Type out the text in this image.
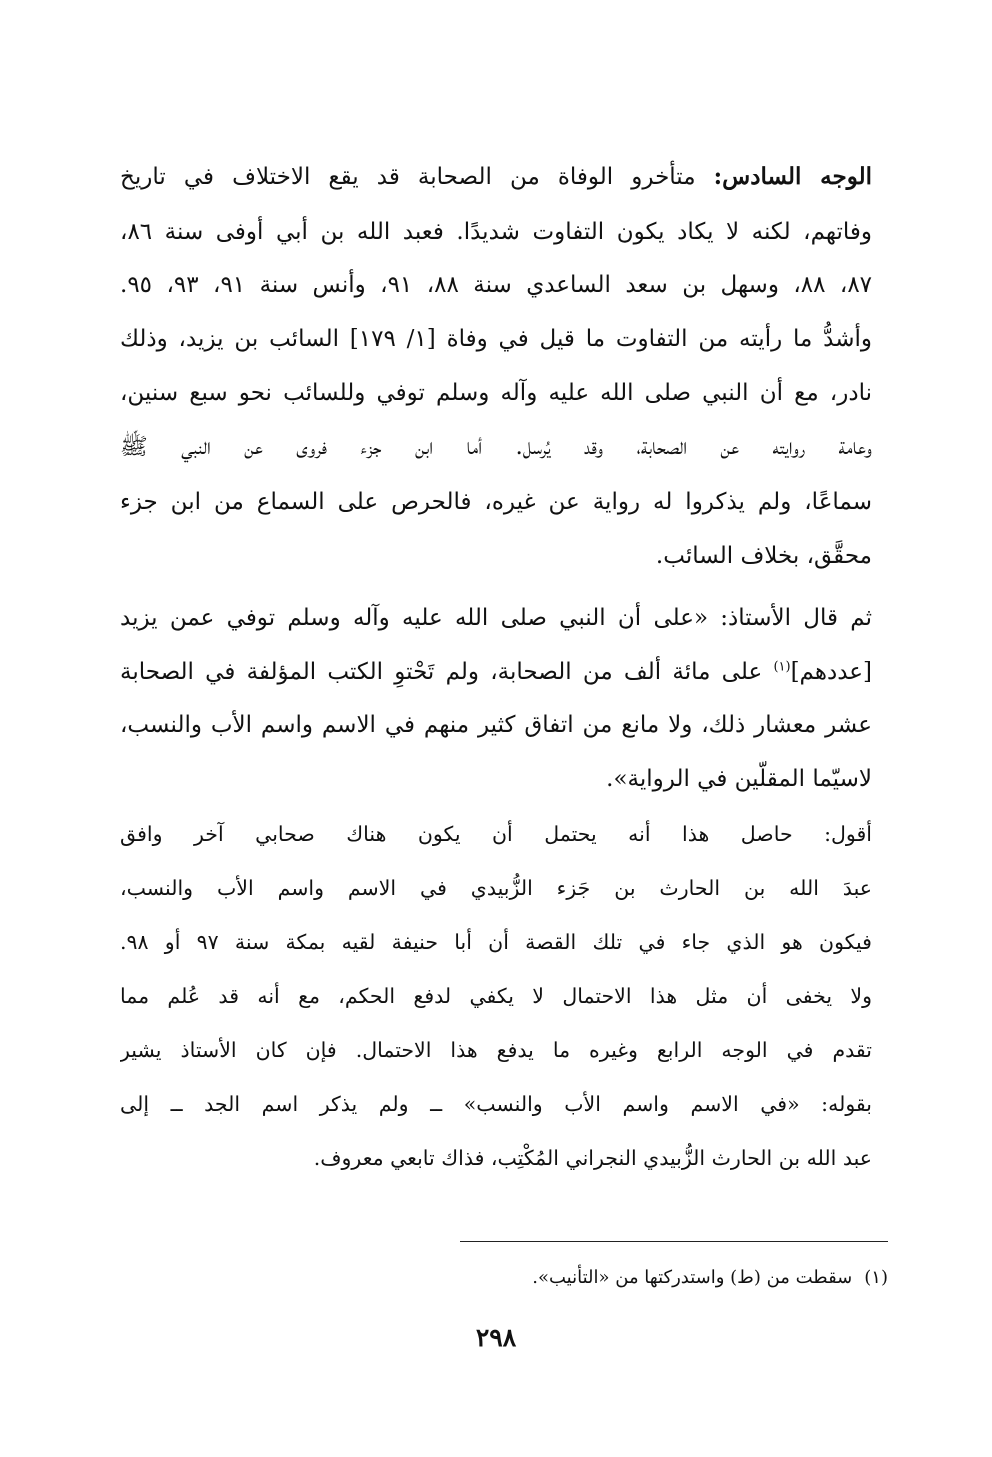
الوجه السادس: متأخرو الوفاة من الصحابة قد يقع الاختلاف في تاريخ
وفاتهم، لكنه لا يكاد يكون التفاوت شديدًا. فعبد الله بن أبي أوفى سنة ٨٦،
٨٧، ٨٨، وسهل بن سعد الساعدي سنة ٨٨، ٩١، وأنس سنة ٩١، ٩٣، ٩٥.
وأشدُّ ما رأيته من التفاوت ما قيل في وفاة [١/ ١٧٩] السائب بن يزيد، وذلك
نادر، مع أن النبي صلى الله عليه وآله وسلم توفي وللسائب نحو سبع سنين،
وعامة روايته عن الصحابة، وقد يُرسل. أما ابن جزء فروى عن النبي ﷺ
سماعًا، ولم يذكروا له رواية عن غيره، فالحرص على السماع من ابن جزء
محقَّق، بخلاف السائب.
ثم قال الأستاذ: «على أن النبي صلى الله عليه وآله وسلم توفي عمن يزيد
[عددهم]$^{(١)}$ على مائة ألف من الصحابة، ولم تَحْتوِ الكتب المؤلفة في الصحابة
عشر معشار ذلك، ولا مانع من اتفاق كثير منهم في الاسم واسم الأب والنسب،
لاسيّما المقلّين في الرواية».
أقول: حاصل هذا أنه يحتمل أن يكون هناك صحابي آخر وافق
عبدَ الله بن الحارث بن جَزء الزُّبيدي في الاسم واسم الأب والنسب،
فيكون هو الذي جاء في تلك القصة أن أبا حنيفة لقيه بمكة سنة ٩٧ أو ٩٨.
ولا يخفى أن مثل هذا الاحتمال لا يكفي لدفع الحكم، مع أنه قد عُلم مما
تقدم في الوجه الرابع وغيره ما يدفع هذا الاحتمال. فإن كان الأستاذ يشير
بقوله: «في الاسم واسم الأب والنسب» ــ ولم يذكر اسم الجد ــ إلى
عبد الله بن الحارث الزُّبيدي النجراني المُكْتِب، فذاك تابعي معروف.
(١)سقطت من (ط) واستدركتها من «التأنيب».
٢٩٨
